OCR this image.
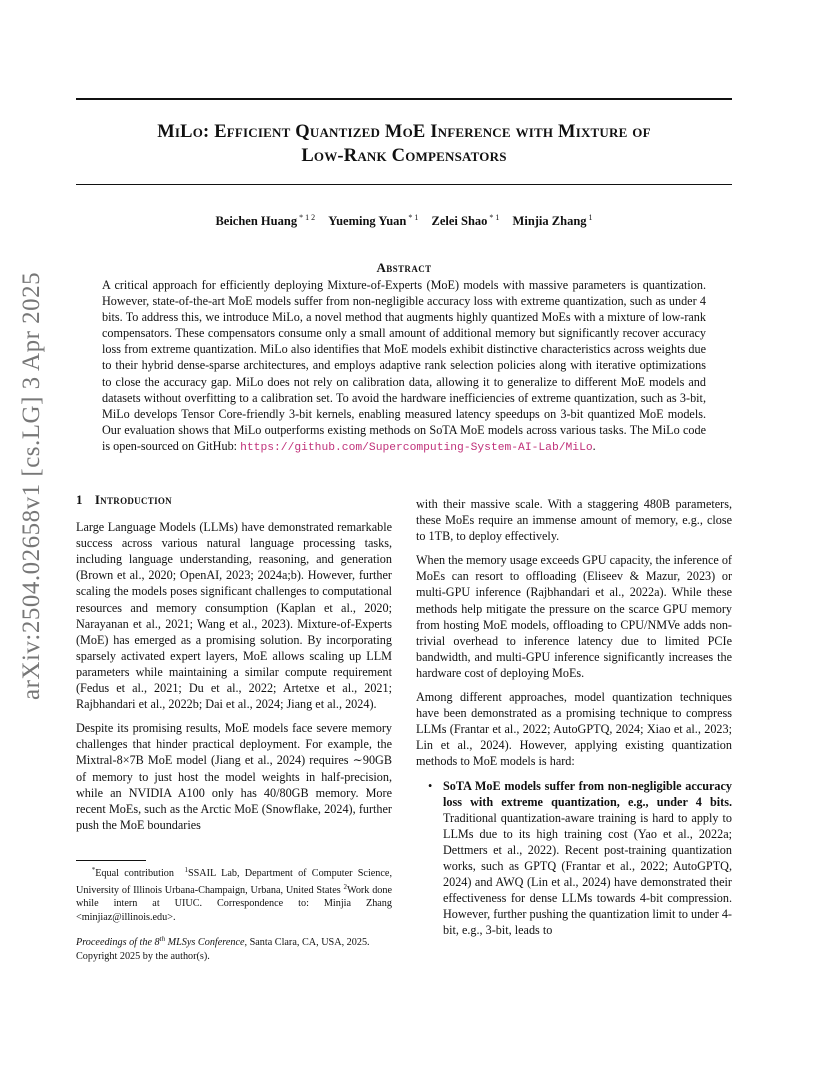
MiLo: Efficient Quantized MoE Inference with Mixture of
Low-Rank Compensators
Beichen Huang $^{* 1 2}$ Yueming Yuan $^{* 1}$ Zelei Shao $^{* 1}$ Minjia Zhang $^1$
Abstract

A critical approach for efficiently deploying Mixture-of-Experts (MoE) models with massive parameters is quantization. However, state-of-the-art MoE models suffer from non-negligible accuracy loss with extreme quantization, such as under 4 bits. To address this, we introduce MiLo, a novel method that augments highly quantized MoEs with a mixture of low-rank compensators. These compensators consume only a small amount of additional memory but significantly recover accuracy loss from extreme quantization. MiLo also identifies that MoE models exhibit distinctive characteristics across weights due to their hybrid dense-sparse architectures, and employs adaptive rank selection policies along with iterative optimizations to close the accuracy gap. MiLo does not rely on calibration data, allowing it to generalize to different MoE models and datasets without overfitting to a calibration set. To avoid the hardware inefficiencies of extreme quantization, such as 3-bit, MiLo develops Tensor Core-friendly 3-bit kernels, enabling measured latency speedups on 3-bit quantized MoE models. Our evaluation shows that MiLo outperforms existing methods on SoTA MoE models across various tasks. The MiLo code is open-sourced on GitHub: https://github.com/Supercomputing-System-AI-Lab/MiLo.

arXiv:2504.02658v1 [cs.LG] 3 Apr 2025 1 Introduction

Large Language Models (LLMs) have demonstrated remarkable success across various natural language processing tasks, including language understanding, reasoning, and generation (Brown et al., 2020; OpenAI, 2023; 2024a;b). However, further scaling the models poses significant challenges to computational resources and memory consumption (Kaplan et al., 2020; Narayanan et al., 2021; Wang et al., 2023). Mixture-of-Experts (MoE) has emerged as a promising solution. By incorporating sparsely activated expert layers, MoE allows scaling up LLM parameters while maintaining a similar compute requirement (Fedus et al., 2021; Du et al., 2022; Artetxe et al., 2021; Rajbhandari et al., 2022b; Dai et al., 2024; Jiang et al., 2024).

Despite its promising results, MoE models face severe memory challenges that hinder practical deployment. For example, the Mixtral-8×7B MoE model (Jiang et al., 2024) requires ∼90GB of memory to just host the model weights in half-precision, while an NVIDIA A100 only has 40/80GB memory. More recent MoEs, such as the Arctic MoE (Snowflake, 2024), further push the MoE boundaries

*Equal contribution $^1$SSAIL Lab, Department of Computer Science, University of Illinois Urbana-Champaign, Urbana, United States $^2$Work done while intern at UIUC. Correspondence to: Minjia Zhang <minjiaz@illinois.edu>.
Proceedings of the 8th MLSys Conference, Santa Clara, CA, USA, 2025. Copyright 2025 by the author(s).

with their massive scale. With a staggering 480B parameters, these MoEs require an immense amount of memory, e.g., close to 1TB, to deploy effectively.

When the memory usage exceeds GPU capacity, the inference of MoEs can resort to offloading (Eliseev & Mazur, 2023) or multi-GPU inference (Rajbhandari et al., 2022a). While these methods help mitigate the pressure on the scarce GPU memory from hosting MoE models, offloading to CPU/NMVe adds non-trivial overhead to inference latency due to limited PCIe bandwidth, and multi-GPU inference significantly increases the hardware cost of deploying MoEs.

Among different approaches, model quantization techniques have been demonstrated as a promising technique to compress LLMs (Frantar et al., 2022; AutoGPTQ, 2024; Xiao et al., 2023; Lin et al., 2024). However, applying existing quantization methods to MoE models is hard:

• SoTA MoE models suffer from non-negligible accuracy loss with extreme quantization, e.g., under 4 bits. Traditional quantization-aware training is hard to apply to LLMs due to its high training cost (Yao et al., 2022a; Dettmers et al., 2022). Recent post-training quantization works, such as GPTQ (Frantar et al., 2022; AutoGPTQ, 2024) and AWQ (Lin et al., 2024) have demonstrated their effectiveness for dense LLMs towards 4-bit compression. However, further pushing the quantization limit to under 4-bit, e.g., 3-bit, leads to
